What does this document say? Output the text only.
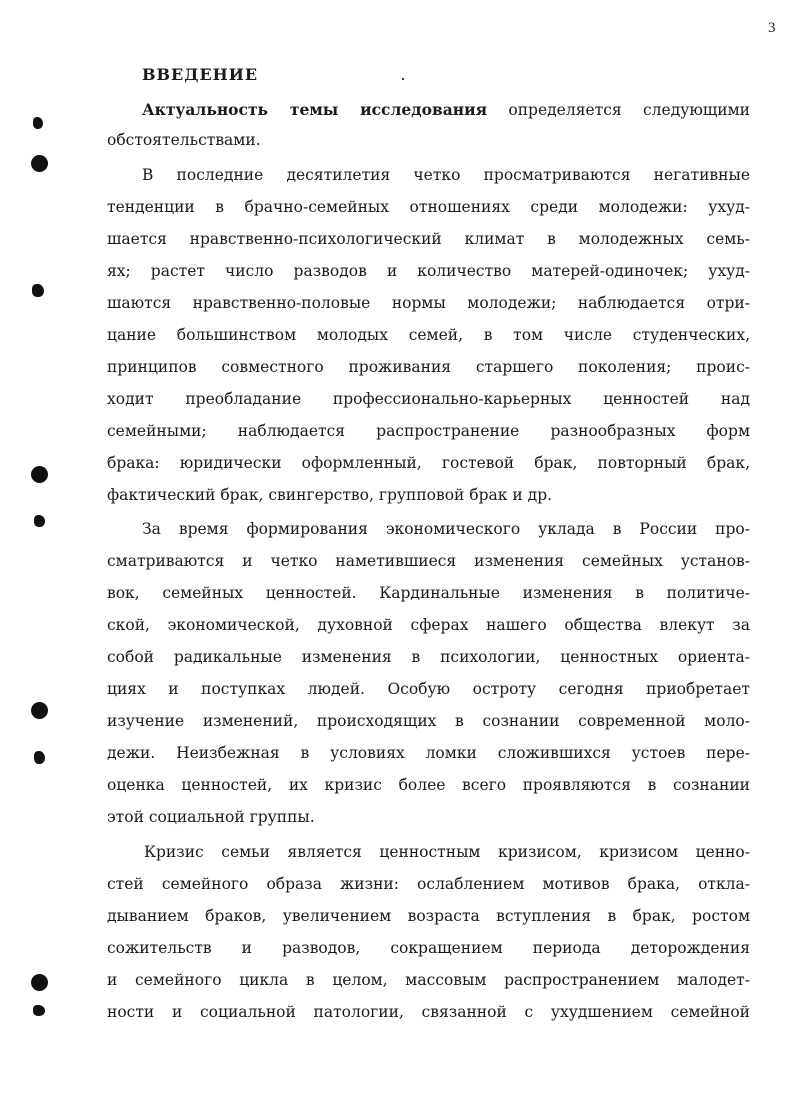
3
ВВЕДЕНИЕ
Актуальность темы исследования определяется следующими
обстоятельствами.
В последние десятилетия четко просматриваются негативные
тенденции в брачно-семейных отношениях среди молодежи: ухуд-
шается нравственно-психологический климат в молодежных семь-
ях; растет число разводов и количество матерей-одиночек; ухуд-
шаются нравственно-половые нормы молодежи; наблюдается отри-
цание большинством молодых семей, в том числе студенческих,
принципов совместного проживания старшего поколения; проис-
ходит преобладание профессионально-карьерных ценностей над
семейными; наблюдается распространение разнообразных форм
брака: юридически оформленный, гостевой брак, повторный брак,
фактический брак, свингерство, групповой брак и др.
За время формирования экономического уклада в России про-
сматриваются и четко наметившиеся изменения семейных установ-
вок, семейных ценностей. Кардинальные изменения в политиче-
ской, экономической, духовной сферах нашего общества влекут за
собой радикальные изменения в психологии, ценностных ориента-
циях и поступках людей. Особую остроту сегодня приобретает
изучение изменений, происходящих в сознании современной моло-
дежи. Неизбежная в условиях ломки сложившихся устоев пере-
оценка ценностей, их кризис более всего проявляются в сознании
этой социальной группы.
Кризис семьи является ценностным кризисом, кризисом ценно-
стей семейного образа жизни: ослаблением мотивов брака, откла-
дыванием браков, увеличением возраста вступления в брак, ростом
сожительств и разводов, сокращением периода деторождения
и семейного цикла в целом, массовым распространением малодет-
ности и социальной патологии, связанной с ухудшением семейной
